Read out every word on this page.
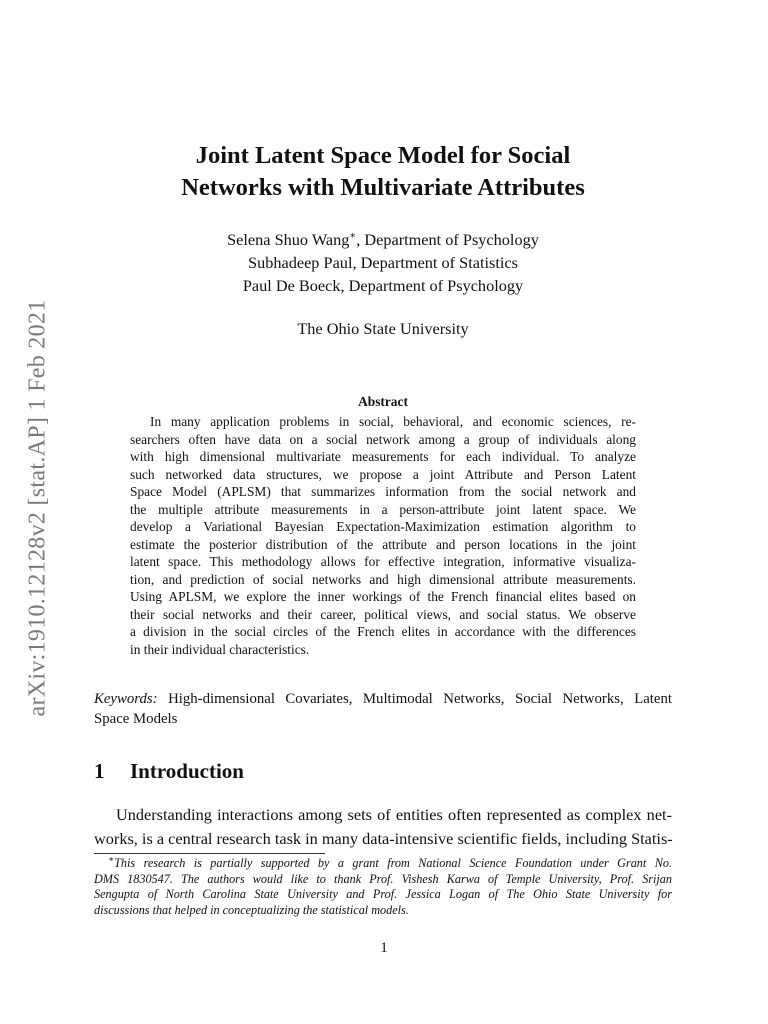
arXiv:1910.12128v2 [stat.AP] 1 Feb 2021
Joint Latent Space Model for Social
Networks with Multivariate Attributes
Selena Shuo Wang∗, Department of Psychology
Subhadeep Paul, Department of Statistics
Paul De Boeck, Department of Psychology
The Ohio State University
Abstract
In many application problems in social, behavioral, and economic sciences, re-
searchers often have data on a social network among a group of individuals along
with high dimensional multivariate measurements for each individual. To analyze
such networked data structures, we propose a joint Attribute and Person Latent
Space Model (APLSM) that summarizes information from the social network and
the multiple attribute measurements in a person-attribute joint latent space. We
develop a Variational Bayesian Expectation-Maximization estimation algorithm to
estimate the posterior distribution of the attribute and person locations in the joint
latent space. This methodology allows for effective integration, informative visualiza-
tion, and prediction of social networks and high dimensional attribute measurements.
Using APLSM, we explore the inner workings of the French financial elites based on
their social networks and their career, political views, and social status. We observe
a division in the social circles of the French elites in accordance with the differences
in their individual characteristics.
Keywords: High-dimensional Covariates, Multimodal Networks, Social Networks, Latent
Space Models
1 Introduction
Understanding interactions among sets of entities often represented as complex net-
works, is a central research task in many data-intensive scientific fields, including Statis-
∗This research is partially supported by a grant from National Science Foundation under Grant No.
DMS 1830547. The authors would like to thank Prof. Vishesh Karwa of Temple University, Prof. Srijan
Sengupta of North Carolina State University and Prof. Jessica Logan of The Ohio State University for
discussions that helped in conceptualizing the statistical models.
1
